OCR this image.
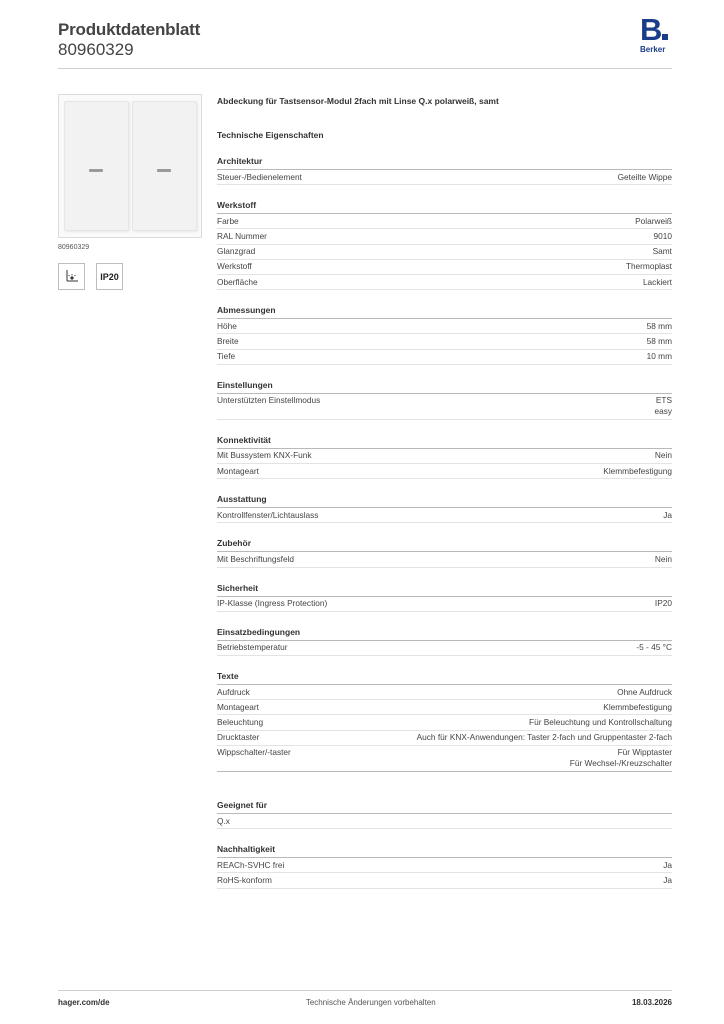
Produktdatenblatt
80960329
B
Berker
80960329
IP20
Abdeckung für Tastsensor-Modul 2fach mit Linse Q.x polarweiß, samt
Technische Eigenschaften
Architektur
Steuer-/Bedienelement	Geteilte Wippe
Werkstoff
Farbe	Polarweiß
RAL Nummer	9010
Glanzgrad	Samt
Werkstoff	Thermoplast
Oberfläche	Lackiert
Abmessungen
Höhe	58 mm
Breite	58 mm
Tiefe	10 mm
Einstellungen
Unterstützten Einstellmodus	ETS
easy
Konnektivität
Mit Bussystem KNX-Funk	Nein
Montageart	Klemmbefestigung
Ausstattung
Kontrollfenster/Lichtauslass	Ja
Zubehör
Mit Beschriftungsfeld	Nein
Sicherheit
IP-Klasse (Ingress Protection)	IP20
Einsatzbedingungen
Betriebstemperatur	-5 - 45 °C
Texte
Aufdruck	Ohne Aufdruck
Montageart	Klemmbefestigung
Beleuchtung	Für Beleuchtung und Kontrollschaltung
Drucktaster	Auch für KNX-Anwendungen: Taster 2-fach und Gruppentaster 2-fach
Wippschalter/-taster	Für Wipptaster
Für Wechsel-/Kreuzschalter
Geeignet für
Q.x
Nachhaltigkeit
REACh-SVHC frei	Ja
RoHS-konform	Ja
hager.com/de	Technische Änderungen vorbehalten	18.03.2026
